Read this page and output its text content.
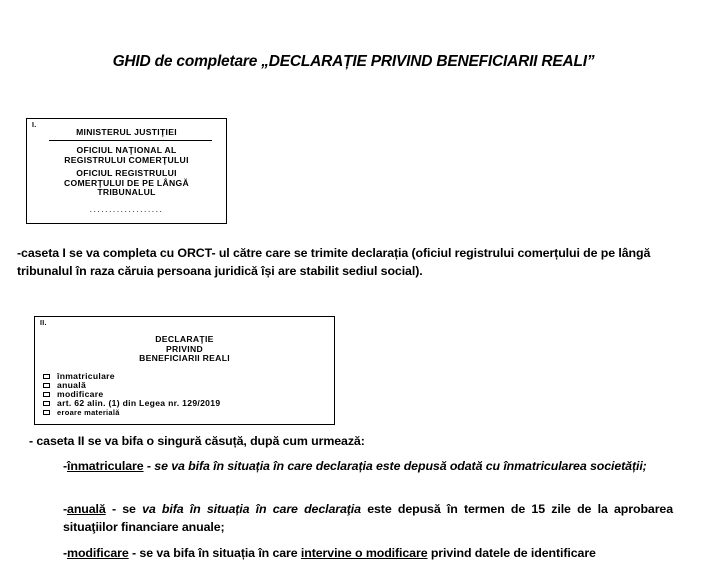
GHID de completare „DECLARAȚIE PRIVIND BENEFICIARII REALI”
I.
MINISTERUL JUSTIŢIEI
OFICIUL NAŢIONAL AL
REGISTRULUI COMERŢULUI
OFICIUL REGISTRULUI
COMERŢULUI DE PE LÂNGĂ
TRIBUNALUL
...................
-caseta I se va completa cu ORCT- ul către care se trimite declarația (oficiul registrului comerțului de pe lângă tribunalul în raza căruia persoana juridică își are stabilit sediul social).
II.
DECLARAŢIE
PRIVIND
BENEFICIARII REALI
înmatriculare
anuală
modificare
art. 62 alin. (1) din Legea nr. 129/2019
eroare materială
- caseta II se va bifa o singură căsuță, după cum urmează:
-înmatriculare - se va bifa în situația în care declarația este depusă odată cu înmatricularea societății;
-anuală - se va bifa în situația în care declaraţia este depusă în termen de 15 zile de la aprobarea situaţiilor financiare anuale;
-modificare - se va bifa în situația în care intervine o modificare privind datele de identificare
